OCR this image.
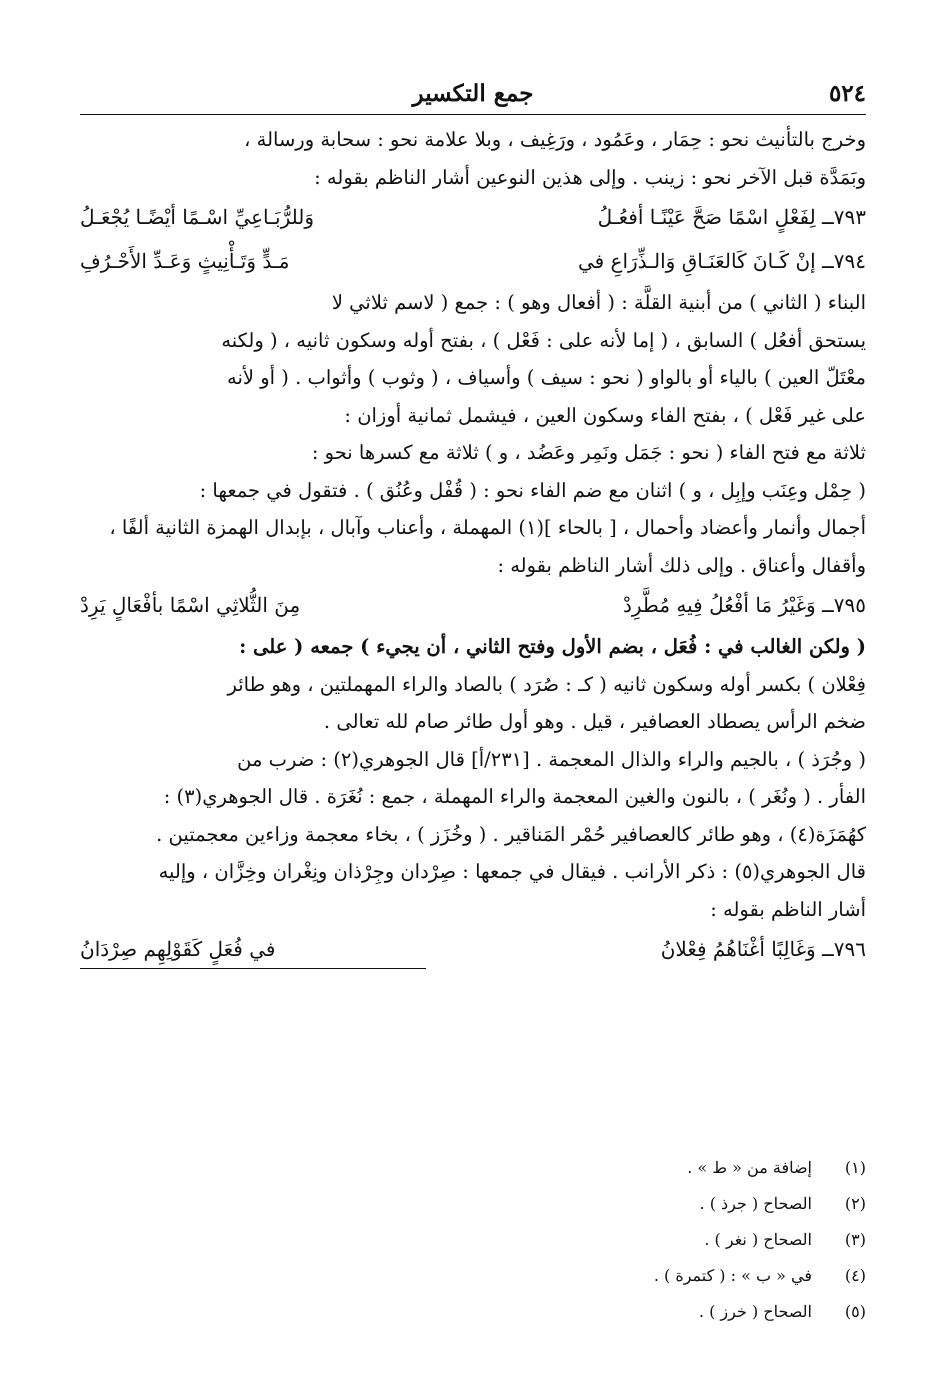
٥٢٤
جمع التكسير

وخرج بالتأنيث نحو : حِمَار ، وعَمُود ، ورَغِيف ، وبلا علامة نحو : سحابة ورسالة ،

وبَمَدَّة قبل الآخر نحو : زينب . وإلى هذين النوعين أشار الناظم بقوله :

٧٩٣ــ لِفَعْلٍ اسْمًا صَحَّ عَيْنًـا أفعُـلُ
وَللرُّبَـاعِيِّ اسْـمًا أيْضًـا يُجْعَـلُ
٧٩٤ــ إنْ كَـانَ كَالعَنَـاقِ وَالـذِّرَاعِ في
مَـدٍّ وَتَـأْنِيثٍ وَعَـدِّ الأَحْـرُفِ

البناء ( الثاني ) من أبنية القلَّة : ( أفعال وهو ) : جمع ( لاسم ثلاثي لا

يستحق أفعُل ) السابق ، ( إما لأنه على : فَعْل ) ، بفتح أوله وسكون ثانيه ، ( ولكنه

معْتَلّ العين ) بالياء أو بالواو ( نحو : سيف ) وأسياف ، ( وثوب ) وأثواب . ( أو لأنه

على غير فَعْل ) ، بفتح الفاء وسكون العين ، فيشمل ثمانية أوزان :

ثلاثة مع فتح الفاء ( نحو : جَمَل ونَمِر وعَضُد ، و ) ثلاثة مع كسرها نحو :

( حِمْل وعِنَب وإبِل ، و ) اثنان مع ضم الفاء نحو : ( قُفْل وعُنُق ) . فتقول في جمعها :

أجمال وأنمار وأعضاد وأحمال ، [ بالحاء ](١) المهملة ، وأعناب وآبال ، بإبدال الهمزة الثانية ألفًا ،

وأقفال وأعناق . وإلى ذلك أشار الناظم بقوله :

٧٩٥ــ وَغَيْرُ مَا أفْعُلُ فِيهِ مُطَّرِدْ
مِنَ الثُّلاثِي اسْمًا بأفْعَالٍ يَرِدْ

( ولكن الغالب في : فُعَل ، بضم الأول وفتح الثاني ، أن يجيء ) جمعه ( على :

فِعْلان ) بكسر أوله وسكون ثانيه ( كـ : صُرَد ) بالصاد والراء المهملتين ، وهو طائر

ضخم الرأس يصطاد العصافير ، قيل . وهو أول طائر صام لله تعالى .

( وجُرَذ ) ، بالجيم والراء والذال المعجمة . [٢٣١/أ] قال الجوهري(٢) : ضرب من

الفأر . ( ونُغَر ) ، بالنون والغين المعجمة والراء المهملة ، جمع : نُغَرَة . قال الجوهري(٣) :

كهُمَزَة(٤) ، وهو طائر كالعصافير حُمْر المَناقير . ( وخُزَز ) ، بخاء معجمة وزاءين معجمتين .

قال الجوهري(٥) : ذكر الأرانب . فيقال في جمعها : صِرْدان وجِرْذان ونِغْران وخِزَّان ، وإليه

أشار الناظم بقوله :

٧٩٦ــ وَغَالِبًا أغْنَاهُمُ فِعْلانُ
في فُعَلٍ كَقَوْلِهِم صِرْدَانُ
(١)
إضافة من « ط » .
(٢)
الصحاح ( جرذ ) .
(٣)
الصحاح ( نغر ) .
(٤)
في « ب » : ( كتمرة ) .
(٥)
الصحاح ( خرز ) .
